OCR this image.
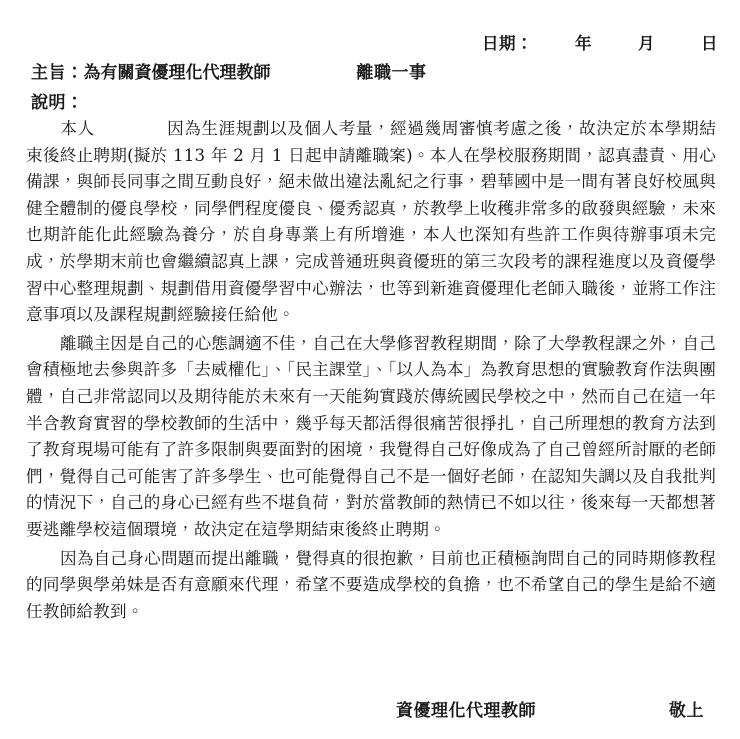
日期：	年	月	日
主旨： 為有關資優理化代理教師	離職一事
說明：

本人	因為生涯規劃以及個人考量，經過幾周審慎考慮之後，故決定於本學期結束後終止聘期(擬於 113 年 2 月 1 日起申請離職案)。本人在學校服務期間，認真盡責、用心備課，與師長同事之間互動良好，絕未做出違法亂紀之行事，碧華國中是一間有著良好校風與健全體制的優良學校，同學們程度優良、優秀認真，於教學上收穫非常多的啟發與經驗，未來也期許能化此經驗為養分，於自身專業上有所增進，本人也深知有些許工作與待辦事項未完成，於學期末前也會繼續認真上課，完成普通班與資優班的第三次段考的課程進度以及資優學習中心整理規劃、規劃借用資優學習中心辦法，也等到新進資優理化老師入職後，並將工作注意事項以及課程規劃經驗接任給他。

離職主因是自己的心態調適不佳，自己在大學修習教程期間，除了大學教程課之外，自己會積極地去參與許多「去威權化」、「民主課堂」、「以人為本」為教育思想的實驗教育作法與團體，自己非常認同以及期待能於未來有一天能夠實踐於傳統國民學校之中，然而自己在這一年半含教育實習的學校教師的生活中，幾乎每天都活得很痛苦很掙扎，自己所理想的教育方法到了教育現場可能有了許多限制與要面對的困境，我覺得自己好像成為了自己曾經所討厭的老師們，覺得自己可能害了許多學生、也可能覺得自己不是一個好老師，在認知失調以及自我批判的情況下，自己的身心已經有些不堪負荷，對於當教師的熱情已不如以往，後來每一天都想著要逃離學校這個環境，故決定在這學期結束後終止聘期。

因為自己身心問題而提出離職，覺得真的很抱歉，目前也正積極詢問自己的同時期修教程的同學與學弟妹是否有意願來代理，希望不要造成學校的負擔，也不希望自己的學生是給不適任教師給教到。

資優理化代理教師	敬上
